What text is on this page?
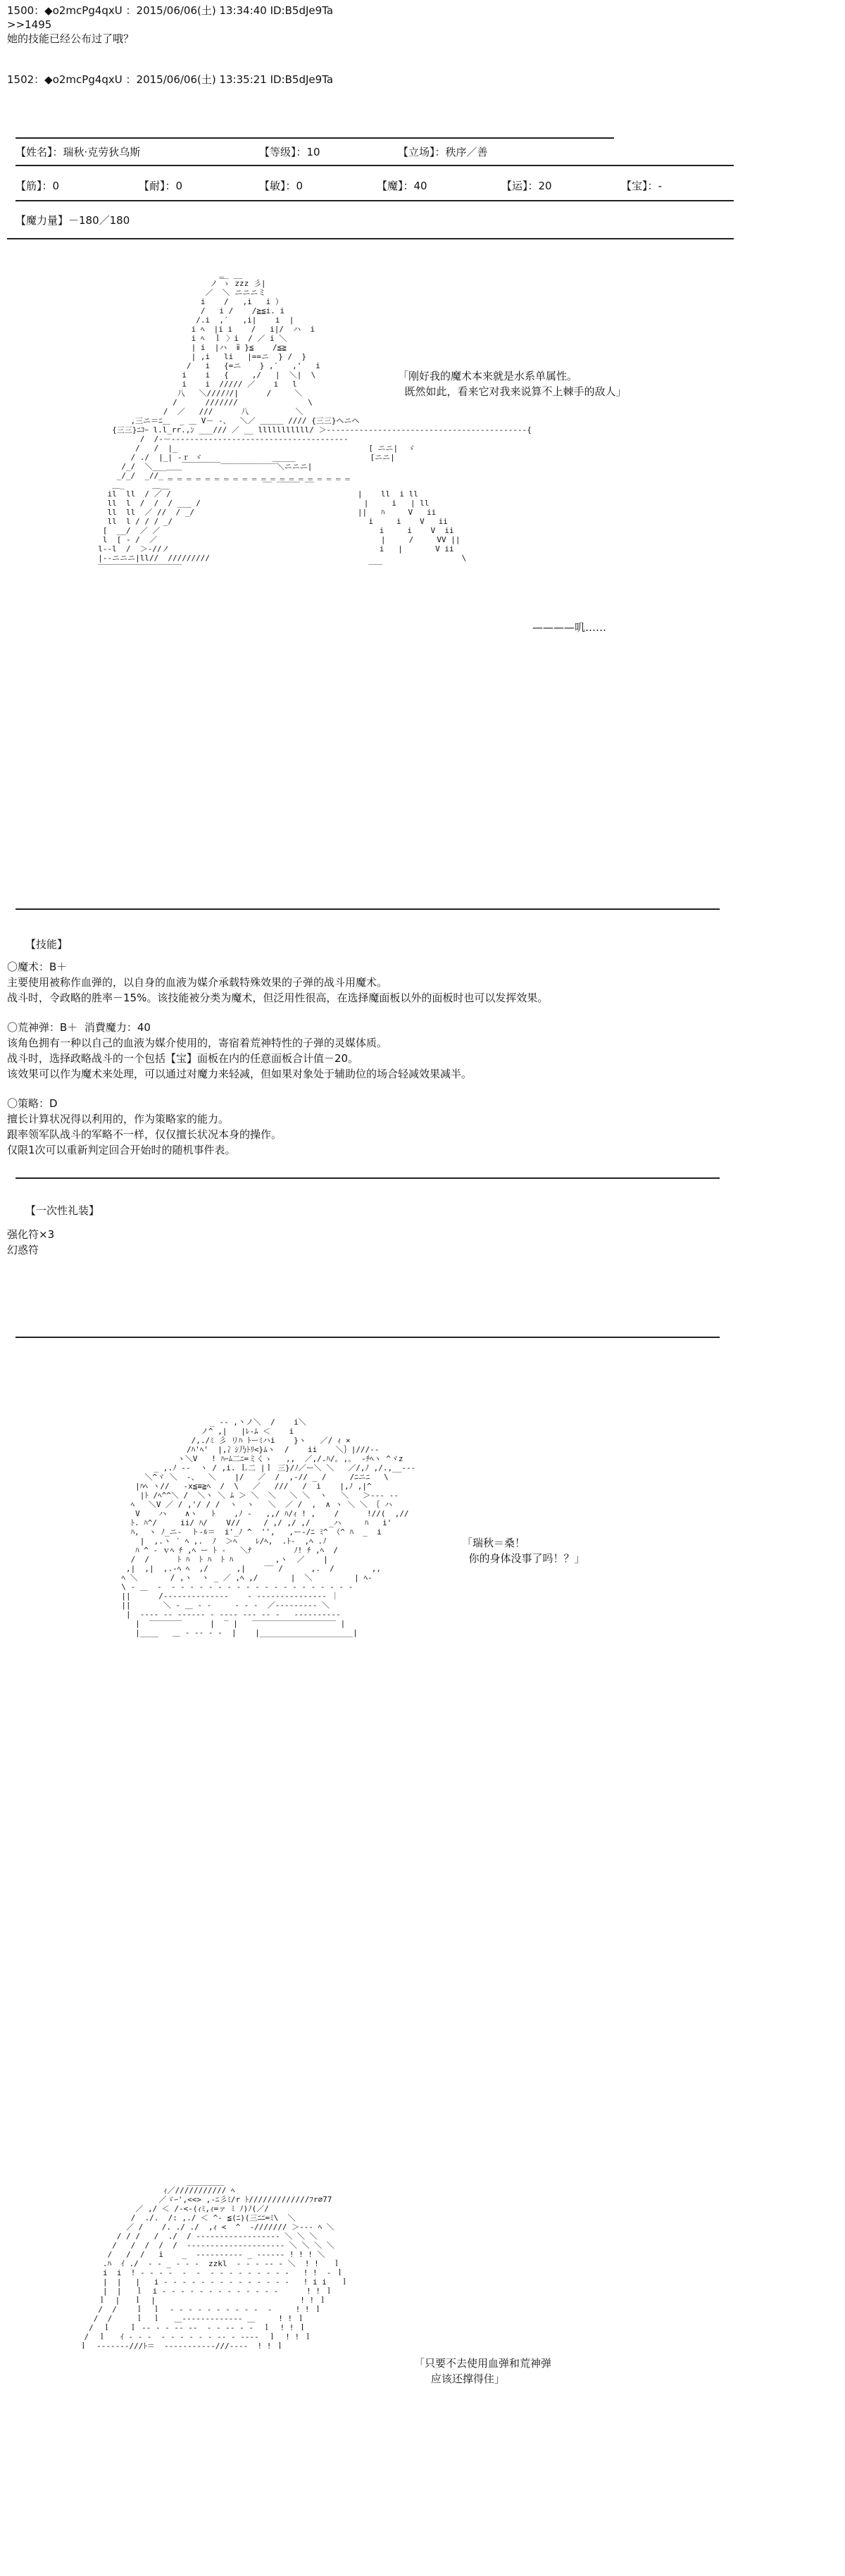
1500：◆o2mcPg4qxU ：2015/06/06(土) 13:34:40 ID:B5dJe9Ta
>>1495
她的技能已经公布过了哦？
1502：◆o2mcPg4qxU ：2015/06/06(土) 13:35:21 ID:B5dJe9Ta
【姓名】：瑞秋·克劳狄乌斯	【等级】：10	【立场】：秩序／善
【筋】：0	【耐】：0	【敏】：0	【魔】：40	【运】：20	【宝】：-
【魔力量】－180／180
‗_ __
ノ ゝ zzz 彡|
／  ＼ ニニニミ
i    /   ,i   i ）
/   i /    /≧≦i. i
/.i  ,′   ,i|    i  |
i ﾍ  |i i    /   i|/  ハ  i
i ﾍ  ｌ 〉i  / ／ i ＼
| i  |ハ  ⅱ }≦    /≦≧
| ,i   li   |==ニ  } /  }
/   i   {=ニ    } ,′   ,'   i
i    i   {     ,/   |  ＼|  \
i    i  ///// ／    i   l
八   ＼////ﾉ/|      /     ＼
/      ///////               \
/  ／   ///      八          ＼
,三ニ＝ﾆ＿  _ ＿ V－ -、  ＼／ ＿＿＿ //// {三三}ヘニヘ
{三三}ﾆｺｰ l.l_rr.,ﾝ ___/// ／ __ lllllllllll/ ＞-------------------------------------------{
/  /‐－‐‐‐‐‐‐‐‐‐‐‐‐‐‐‐‐‐‐‐‐‐‐‐‐‐‐‐‐‐‐‐‐‐‐‐‐‐‐
/   /  |_                                         [ ニニ|  ゞ
/ ./  |_| -ｒ ヾ               _____                [ニニ|
/_/  ＼___＿＿￣￣￣￣￣‾‾‾‾‾‾‾‾‾‾‾‾＼ニニニ|
_/_/  _//_ ‗ ‗ ‗ ‗ ‗ ‗ ‗ ‗ ‗ ‗ ‗ ‗ ‗ ‗ ‗ ‗ ‗ ‗ ‗ ‗
＿_      ＿__                    ‾‾ ‾‾‾‾‾ ‾‾
il  ll  / ／ /                                        |    ll  i ll
ll  l  /  /  / ___ /                                   |     i   | ll
ll  ll  ／ //  / _/                                   ||   ﾊ     V   ii
ll  l / / / _/                                          i     i    V   ii
[  __/  ／ ／                                               i     i    V  ii
l  [ - /  ／                                                |     /     VV ||
l--l  /  ＞-//ノ                                             i   |       V ii
|--ニニニ|ll//  /////////                                                      \
‾‾‾‾‾‾‾‾‾‾‾‾‾‾‾‾‾‾                                        ‾‾‾

「刚好我的魔术本来就是水系单属性。
既然如此，看来它对我来说算不上棘手的敌人」
————叽……

【技能】

〇魔术：B＋

主要使用被称作血弹的，以自身的血液为媒介承载特殊效果的子弹的战斗用魔术。

战斗时，令政略的胜率－15%。该技能被分类为魔术，但泛用性很高，在选择魔面板以外的面板时也可以发挥效果。

〇荒神弹：B＋  消費魔力：40

该角色拥有一种以自己的血液为媒介使用的，寄宿着荒神特性的子弹的灵媒体质。

战斗时，选择政略战斗的一个包括【宝】面板在内的任意面板合计值－20。

该效果可以作为魔术来处理，可以通过对魔力来轻减，但如果对象处于辅助位的场合轻减效果减半。

〇策略：D

擅长计算状况得以利用的，作为策略家的能力。

跟率领军队战斗的军略不一样，仅仅擅长状况本身的操作。

仅限1次可以重新判定回合开始时的随机事件表。

【一次性礼装】

强化符×3

幻惑符

_ -‐ ,丶ノ＼  /    i＼
ノ^ ,|   |ﾚ-ﾑ ＜    i
/,./ﾐ 彡 リﾊ ﾄーﾐハi    }ヽ   ／/ ｨ ×
/ﾊ'ﾍ'  |,冫ｼ乃ﾄﾘ<}ﾑヽ  /    ii    ＼｝|///‐‐
ヽ＼V   ! ﾊｰﾑ二ﾆ=ミくゝ   ,,  ／,/.ﾊ/｡ ,｡  ‐ﾁﾍヽ ^ヾz
_ ,.ﾉ ‐-  ヽ / ,i. Ｌ二 |ｌ 三}/ﾉ／ー＼ ＼   ／/,ﾉ ,/.,__-‐‐
＼^ヾ ＼  -、  ＼    |/   ／  /  ,‐// _ /     /ﾆニﾆ   \
|ﾊﾍ ヽ//   -x≦≡≧ﾍ  /  \   ／   ///   /  i    |,ﾉ ,|^
|ﾄ /ﾍ^^＼ /  ＼ヽ ＼ ﾑ ＞ ＼  ＼   ＼ ＼  ヽ   ＼   ＞‐‐‐ ‐‐
ﾍ   ＼V ／ / ,'/ / /  ヽ  ヽ   ＼  ／ /  ,  ∧ ヽ ＼ ＼ ｛ ハ
V    ハ    ∧ヽ   ﾄ    ,ﾉ -   ,,/ ﾊ/ｨ ! ,    /      !//(  ,//
ﾄ. ﾊ^/     ii/ ﾊ/    V//     / ,/ ,/ ,/    _ハ     ﾊ   i'
ﾊ,  ヽ ﾉ_ニ‐  ト-ﾙ＝  i'_ﾉ ^  '',   ,ー‐/ﾆ ﾐ^ （^ ﾊ  _  i
|  ,.ヽ ′ ﾍ ,.  ﾉ  ＞ﾍ    ﾚ/ﾍ,  .ﾄ‐  ,ﾍ .ﾉ
ﾊ ^ ‐ ｖﾍ ﾁ ,ﾍ ー ﾄ ‐   ＼ﾅ         ﾉ! ﾁ ,ﾍ  /
/  /      ﾄ ﾊ  ﾄ ﾊ  ﾄ ﾊ         ,ヽ  ／    |
,|  ,|  ,.-ﾍ ﾍ  ,/      ,|    ‾‾ /      ,.  /        ,,
ﾍ ＼       / ,ヽ  ヽ _ ／ ,ﾍ ,/       |  ＼         | ﾍ-
\ ‐ ＿  ‐  ‐ ‐ ‐ ‐ ‐ ‐ ‐ ‐ ‐ ‐ ‐ ‐ ‐ ‐ ‐ ‐ ‐ ‐ ‐ ‐
||      /‐‐‐‐‐‐‐‐‐‐‐‐‐‐    ‐ ‐‐‐‐‐‐‐‐‐‐‐‐‐‐‐ ｜
||       ＼ ‐ ＿ ‐ ‐     ‐ ‐ ‐  ／‐‐‐‐‐‐‐‐‐ ＼
|  ‐‐‐‐ ‐‐ ‐‐‐‐‐‐ ‐ ‐‐‐‐ ‐‐‐ ‐‐ ‐   ‐‐‐‐‐‐‐‐‐‐
|  ‾‾‾‾‾‾‾      |  ‾ |   ‾‾‾‾‾‾‾‾‾‾‾‾‾‾‾‾‾‾ |
|____   ＿ ‐ ‐‐ ‐ ‐  |    |____________________|

「瑞秋＝桑！
你的身体没事了吗！？」
________
ｨ／/////////// ﾍ
／ゞｰ',<<> ,-ﾆ彡ﾐ/r ﾄ/////////////ﾌr∅77
／ ,/ ＜ /‐<‐(ｨﾐ,ｨ=ァ ﾐ ﾉ)ﾉ(／/
/  ./.  /: ,./ ＜ ^‐ ≦(ﾆ)(三ﾆﾆ=ﾐ\  ＼
／ /    /. ./ ./  ,ｨ <  ^  ‐/////// ＞‐‐‐ ﾍ ＼
/ / /   /  ./  / ‐‐‐‐‐‐‐‐‐‐‐‐‐‐‐‐‐‐ ＼ ＼ ＼
/   /  /  /  /  ‐‐‐‐‐‐‐‐‐‐‐‐‐‐‐‐‐‐‐‐‐ ＼ ＼ ＼ ＼
/   /  /   i    _  ‐‐‐‐‐‐‐‐‐‐ _ ‐‐‐‐‐‐ ! ! ! ＼
.ﾊ  ｲ ./  ‐ ‐ _ ‐ ‐ ‐  zzkl  ‐ ‐ ‐ ‐‐ ‐ ＼  ! !   ｌ
i  i  ! ‐ ‐ ‐ ‐  ‐  ‐  ‐ ‐ ‐ ‐ ‐ ‐ ‐ ‐ ‐   ! !  ‐ ｌ
|  |   |   i ‐ ‐ ‐ ‐ ‐ ‐ ‐ ‐ ‐ ‐ ‐ ‐ ‐ ‐   ! i i   ｌ
|  |   ｌ  i ‐ ‐ ‐ ‐ ‐ ‐ ‐ ‐ ‐ ‐ ‐ ‐ ‐      ! ! ｌ
ｌ  |   ｌ  |                               ! ! ｌ
/  /    ｌ  ｌ  ‐ ‐ ‐ ‐ ‐ ‐ ‐ ‐ ‐ ‐  ‐     ! ! ｌ
/  /     ｌ  ｌ   ＿‐‐‐‐‐‐‐‐‐‐‐‐‐ ＿     ! ! ｌ
/  ｌ    ｌ ‐‐ ‐ ‐ ‐‐ ‐‐  ‐ ‐ ‐‐ ‐ ‐  ｌ  ! ! ｌ
/  ｌ   ｲ ‐ ‐ ‐  ‐ ‐ ‐ ‐ ‐ ‐ ‐‐ ‐ ‐‐‐‐  ｌ  ! ! ｌ
ｌ  ‐‐‐‐‐‐‐///ﾄ＝  ‐‐‐‐‐‐‐‐‐‐‐///‐‐‐‐  ! ! ｌ

「只要不去使用血弹和荒神弹
应该还撑得住」
